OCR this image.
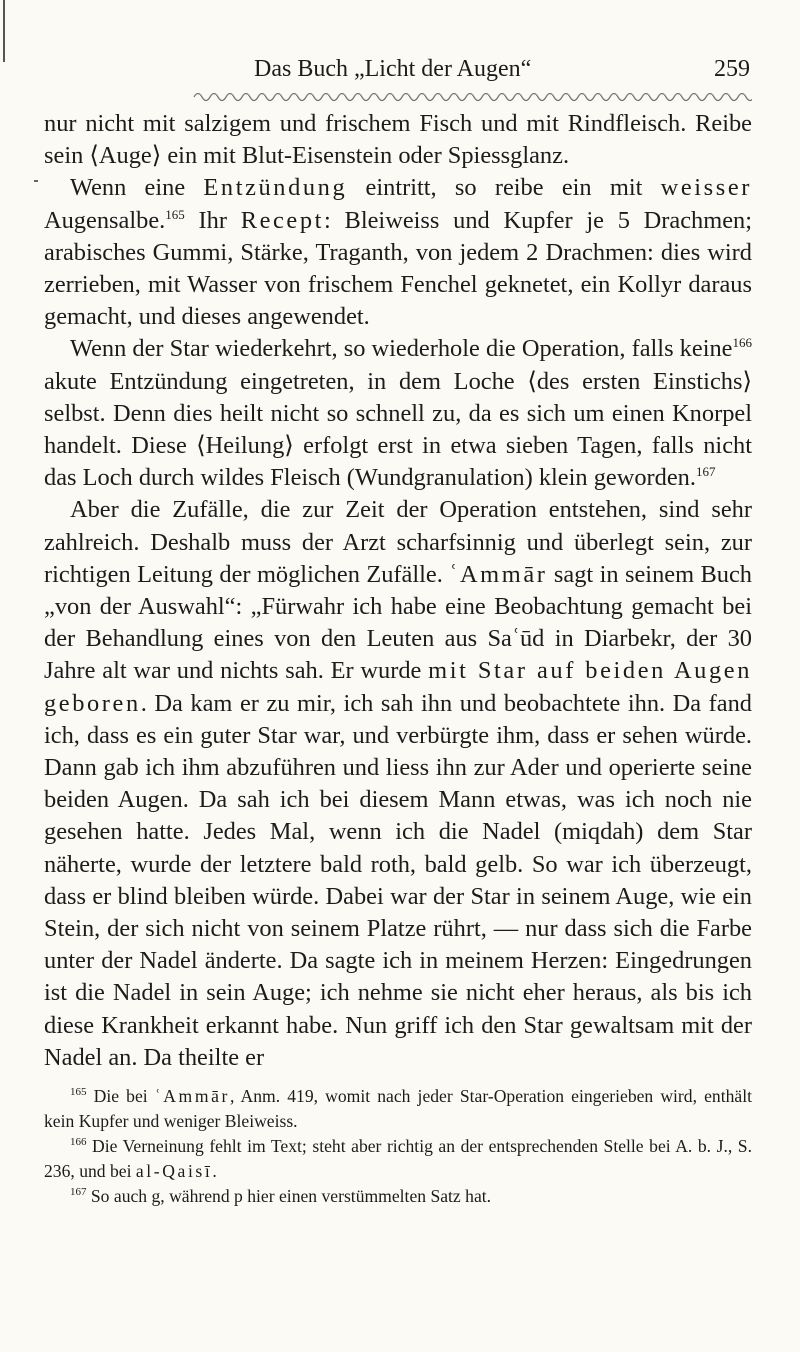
Das Buch „Licht der Augen“	259

nur nicht mit salzigem und frischem Fisch und mit Rindfleisch. Reibe sein ⟨Auge⟩ ein mit Blut-Eisenstein oder Spiessglanz.

Wenn eine Entzündung eintritt, so reibe ein mit weisser Augensalbe.$^{165}$ Ihr Recept: Bleiweiss und Kupfer je 5 Drachmen; arabisches Gummi, Stärke, Traganth, von jedem 2 Drachmen: dies wird zerrieben, mit Wasser von frischem Fenchel geknetet, ein Kollyr daraus gemacht, und dieses angewendet.

Wenn der Star wiederkehrt, so wiederhole die Operation, falls keine$^{166}$ akute Entzündung eingetreten, in dem Loche ⟨des ersten Einstichs⟩ selbst. Denn dies heilt nicht so schnell zu, da es sich um einen Knorpel handelt. Diese ⟨Heilung⟩ erfolgt erst in etwa sieben Tagen, falls nicht das Loch durch wildes Fleisch (Wundgranulation) klein geworden.$^{167}$

Aber die Zufälle, die zur Zeit der Operation entstehen, sind sehr zahlreich. Deshalb muss der Arzt scharfsinnig und überlegt sein, zur richtigen Leitung der möglichen Zufälle. ʿAmmār sagt in seinem Buch „von der Auswahl“: „Fürwahr ich habe eine Beobachtung gemacht bei der Behandlung eines von den Leuten aus Saʿūd in Diarbekr, der 30 Jahre alt war und nichts sah. Er wurde mit Star auf beiden Augen geboren. Da kam er zu mir, ich sah ihn und beobachtete ihn. Da fand ich, dass es ein guter Star war, und verbürgte ihm, dass er sehen würde. Dann gab ich ihm abzuführen und liess ihn zur Ader und operierte seine beiden Augen. Da sah ich bei diesem Mann etwas, was ich noch nie gesehen hatte. Jedes Mal, wenn ich die Nadel (miqdah) dem Star näherte, wurde der letztere bald roth, bald gelb. So war ich überzeugt, dass er blind bleiben würde. Dabei war der Star in seinem Auge, wie ein Stein, der sich nicht von seinem Platze rührt, — nur dass sich die Farbe unter der Nadel änderte. Da sagte ich in meinem Herzen: Eingedrungen ist die Nadel in sein Auge; ich nehme sie nicht eher heraus, als bis ich diese Krankheit erkannt habe. Nun griff ich den Star gewaltsam mit der Nadel an. Da theilte er

$^{165}$ Die bei ʿAmmār, Anm. 419, womit nach jeder Star-Operation eingerieben wird, enthält kein Kupfer und weniger Bleiweiss.

$^{166}$ Die Verneinung fehlt im Text; steht aber richtig an der entsprechenden Stelle bei A. b. J., S. 236, und bei al-Qaisī.

$^{167}$ So auch g, während p hier einen verstümmelten Satz hat.
